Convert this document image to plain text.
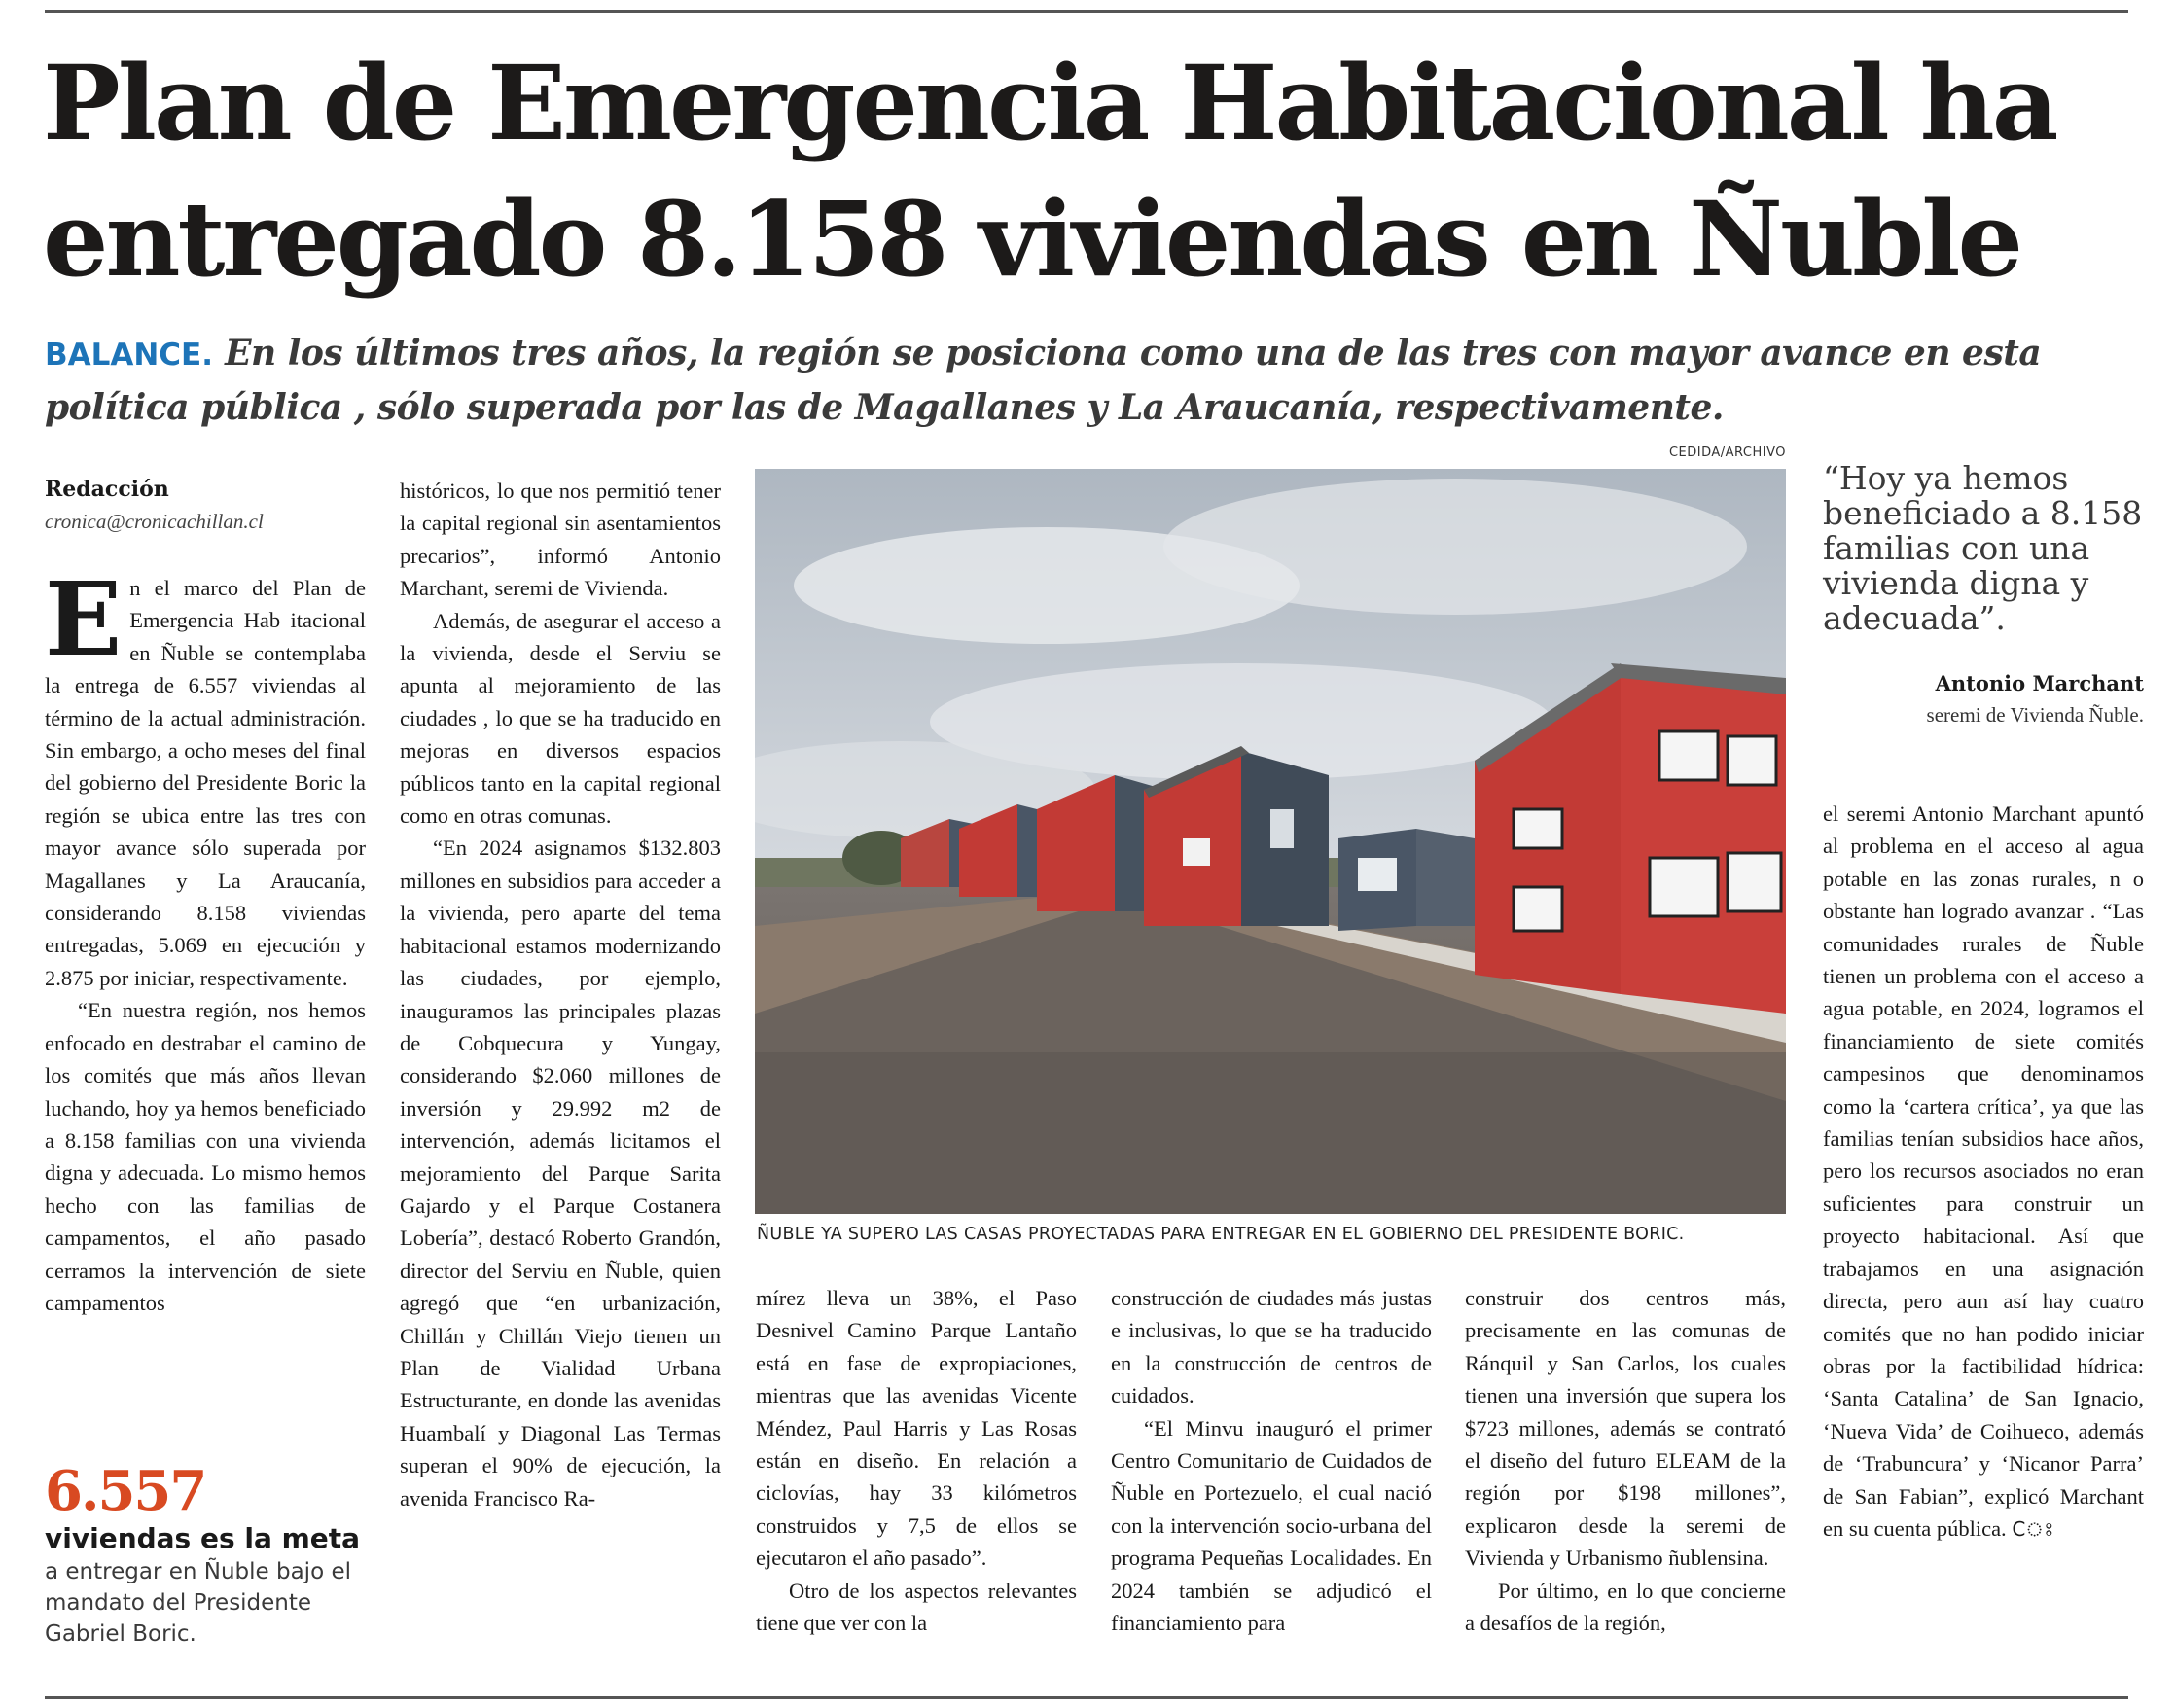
Plan de Emergencia Habitacional ha
entregado 8.158 viviendas en Ñuble

BALANCE. En los últimos tres años, la región se posiciona como una de las tres con mayor avance en esta política pública , sólo superada por las de Magallanes y La Araucanía, respectivamente.

Redacción
cronica@cronicachillan.cl

En el marco del Plan de Emergencia Hab itacional en Ñuble se contemplaba la entrega de 6.557 viviendas al término de la actual administración. Sin embargo, a ocho meses del final del gobierno del Presidente Boric la región se ubica entre las tres con mayor avance sólo superada por Magallanes y La Araucanía, considerando 8.158 viviendas entregadas, 5.069 en ejecución y 2.875 por iniciar, respectivamente.

“En nuestra región, nos hemos enfocado en destrabar el camino de los comités que más años llevan luchando, hoy ya hemos beneficiado a 8.158 familias con una vivienda digna y adecuada. Lo mismo hemos hecho con las familias de campamentos, el año pasado cerramos la intervención de siete campamentos

6.557
viviendas es la meta
a entregar en Ñuble bajo el mandato del Presidente Gabriel Boric.

históricos, lo que nos permitió tener la capital regional sin asentamientos precarios”, informó Antonio Marchant, seremi de Vivienda.

Además, de asegurar el acceso a la vivienda, desde el Serviu se apunta al mejoramiento de las ciudades , lo que se ha traducido en mejoras en diversos espacios públicos tanto en la capital regional como en otras comunas.

“En 2024 asignamos $132.803 millones en subsidios para acceder a la vivienda, pero aparte del tema habitacional estamos modernizando las ciudades, por ejemplo, inauguramos las principales plazas de Cobquecura y Yungay, considerando $2.060 millones de inversión y 29.992 m2 de intervención, además licitamos el mejoramiento del Parque Sarita Gajardo y el Parque Costanera Lobería”, destacó Roberto Grandón, director del Serviu en Ñuble, quien agregó que “en urbanización, Chillán y Chillán Viejo tienen un Plan de Vialidad Urbana Estructurante, en donde las avenidas Huambalí y Diagonal Las Termas superan el 90% de ejecución, la avenida Francisco Ra-

CEDIDA/ARCHIVO
ÑUBLE YA SUPERO LAS CASAS PROYECTADAS PARA ENTREGAR EN EL GOBIERNO DEL PRESIDENTE BORIC.

mírez lleva un 38%, el Paso Desnivel Camino Parque Lantaño está en fase de expropiaciones, mientras que las avenidas Vicente Méndez, Paul Harris y Las Rosas están en diseño. En relación a ciclovías, hay 33 kilómetros construidos y 7,5 de ellos se ejecutaron el año pasado”.

Otro de los aspectos relevantes tiene que ver con la

construcción de ciudades más justas e inclusivas, lo que se ha traducido en la construcción de centros de cuidados.

“El Minvu inauguró el primer Centro Comunitario de Cuidados de Ñuble en Portezuelo, el cual nació con la intervención socio-urbana del programa Pequeñas Localidades. En 2024 también se adjudicó el financiamiento para

construir dos centros más, precisamente en las comunas de Ránquil y San Carlos, los cuales tienen una inversión que supera los $723 millones, además se contrató el diseño del futuro ELEAM de la región por $198 millones”, explicaron desde la seremi de Vivienda y Urbanismo ñublensina.

Por último, en lo que concierne a desafíos de la región,

“Hoy ya hemos beneficiado a 8.158 familias con una vivienda digna y adecuada”.
Antonio Marchant
seremi de Vivienda Ñuble.

el seremi Antonio Marchant apuntó al problema en el acceso al agua potable en las zonas rurales, n o obstante han logrado avanzar . “Las comunidades rurales de Ñuble tienen un problema con el acceso a agua potable, en 2024, logramos el financiamiento de siete comités campesinos que denominamos como la ‘cartera crítica’, ya que las familias tenían subsidios hace años, pero los recursos asociados no eran suficientes para construir un proyecto habitacional. Así que trabajamos en una asignación directa, pero aun así hay cuatro comités que no han podido iniciar obras por la factibilidad hídrica: ‘Santa Catalina’ de San Ignacio, ‘Nueva Vida’ de Coihueco, además de ‘Trabuncura’ y ‘Nicanor Parra’ de San Fabian”, explicó Marchant en su cuenta pública. Cঃ
